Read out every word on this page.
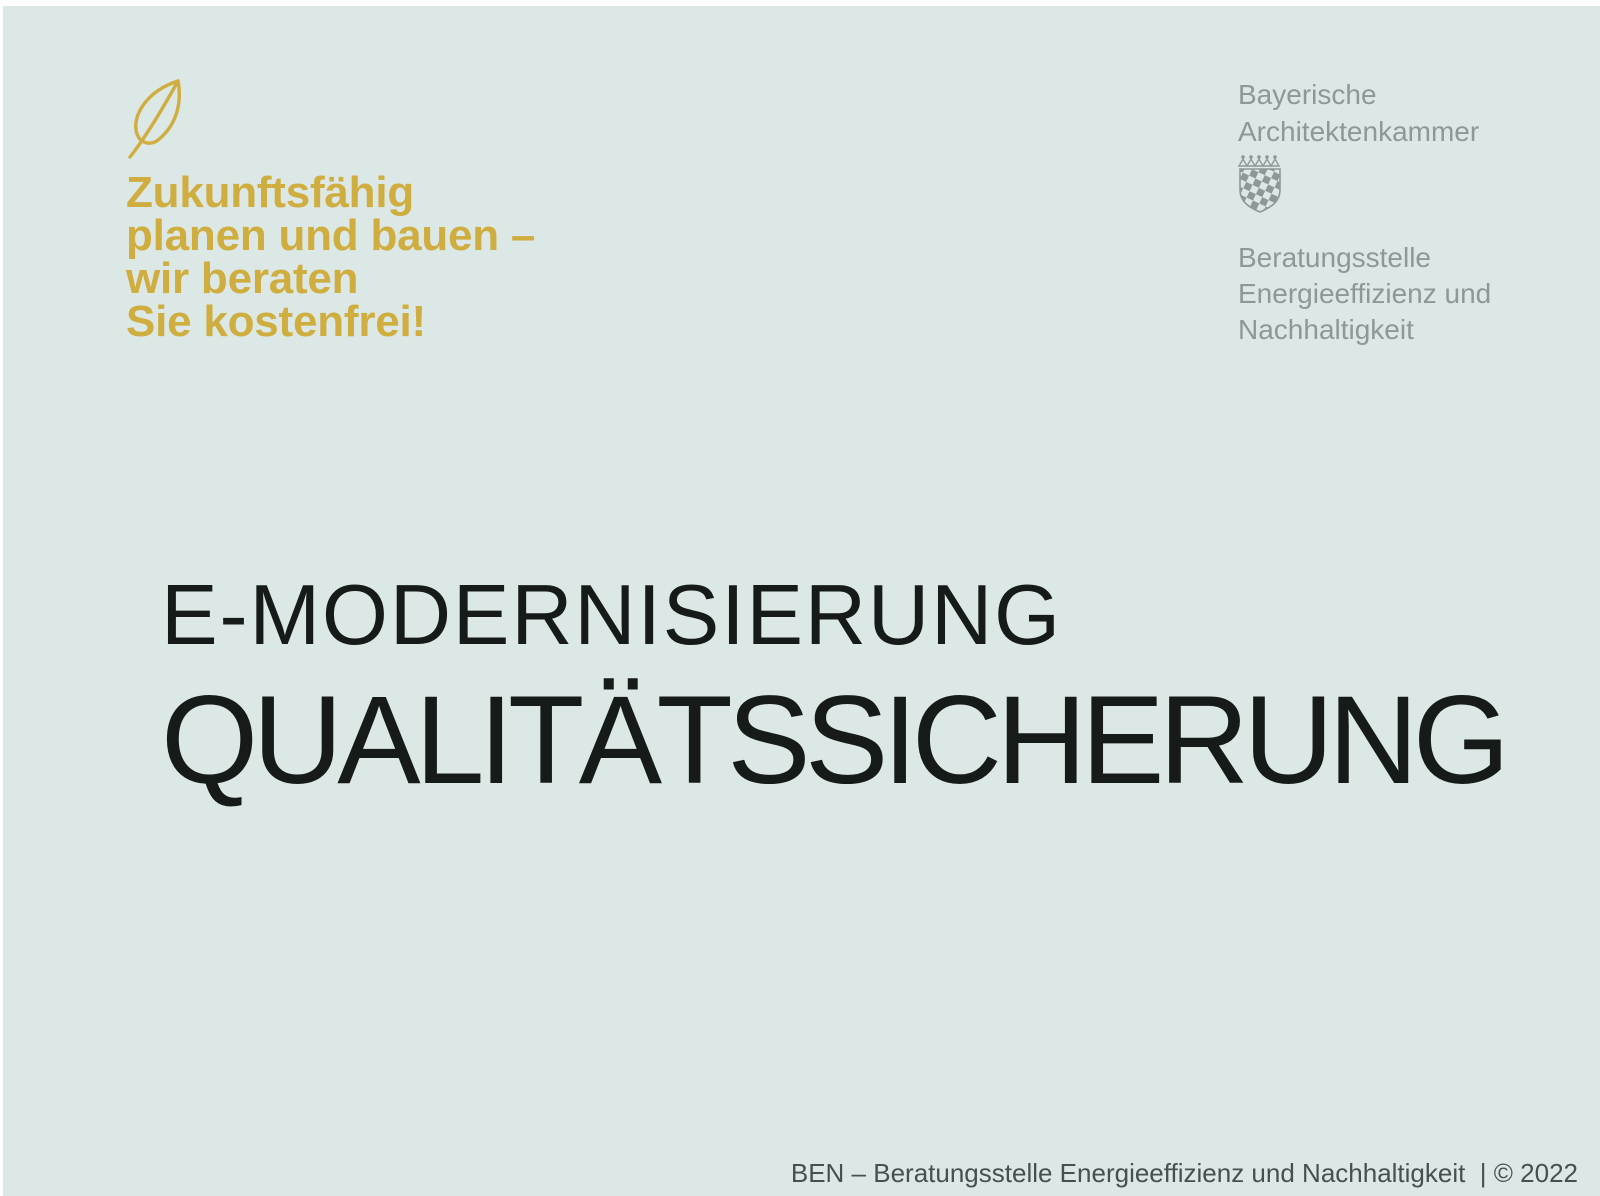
Zukunftsfähig
planen und bauen –
wir beraten
Sie kostenfrei!
Bayerische
Architektenkammer
Beratungsstelle
Energieeffizienz und
Nachhaltigkeit
E-MODERNISIERUNG
QUALITÄTSSICHERUNG
BEN – Beratungsstelle Energieeffizienz und Nachhaltigkeit  | © 2022
